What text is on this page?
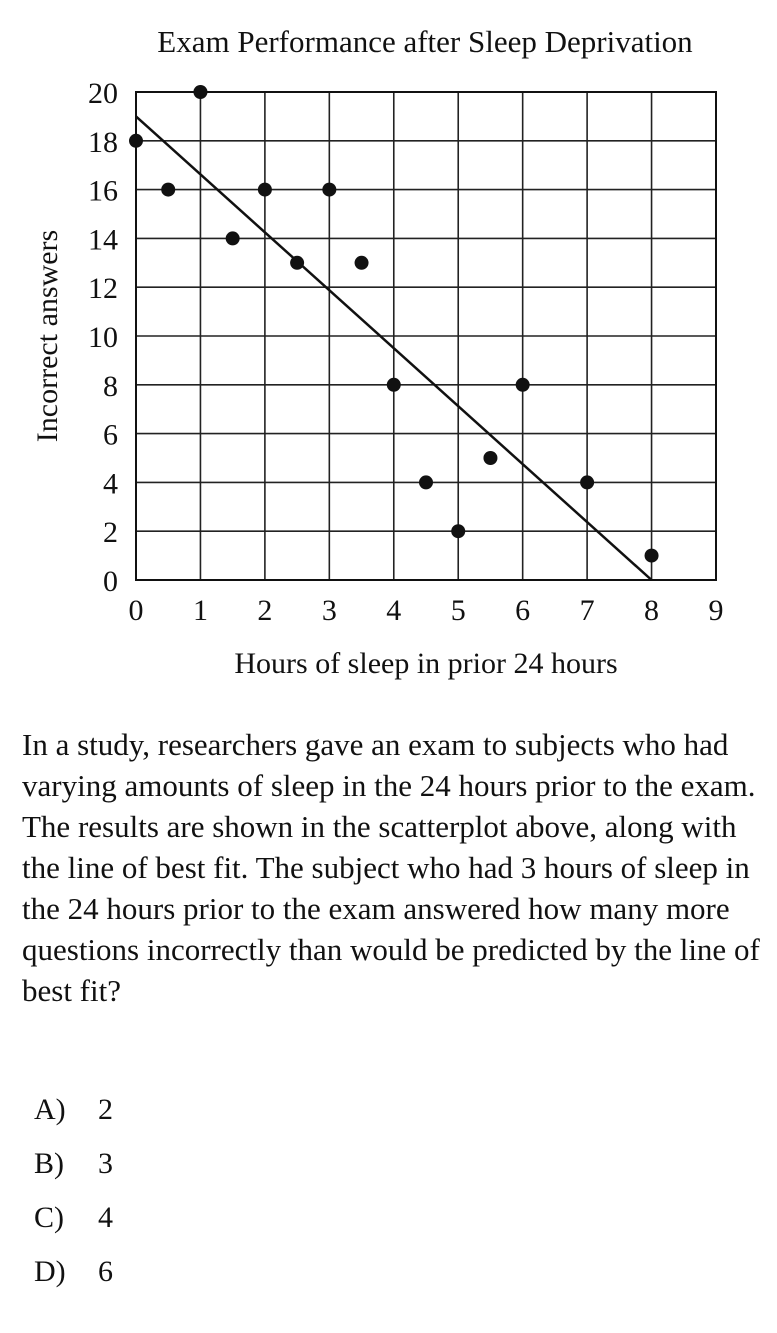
Exam Performance after Sleep Deprivation
0 1 2 3 4 5 6 7 8 9
0
2
4
6
8
10
12
14
16
18
20
Hours of sleep in prior 24 hours
Incorrect answers

In a study, researchers gave an exam to subjects who had varying amounts of sleep in the 24 hours prior to the exam. The results are shown in the scatterplot above, along with the line of best fit. The subject who had 3 hours of sleep in the 24 hours prior to the exam answered how many more questions incorrectly than would be predicted by the line of best fit?

A)	2
B)	3
C)	4
D)	6
